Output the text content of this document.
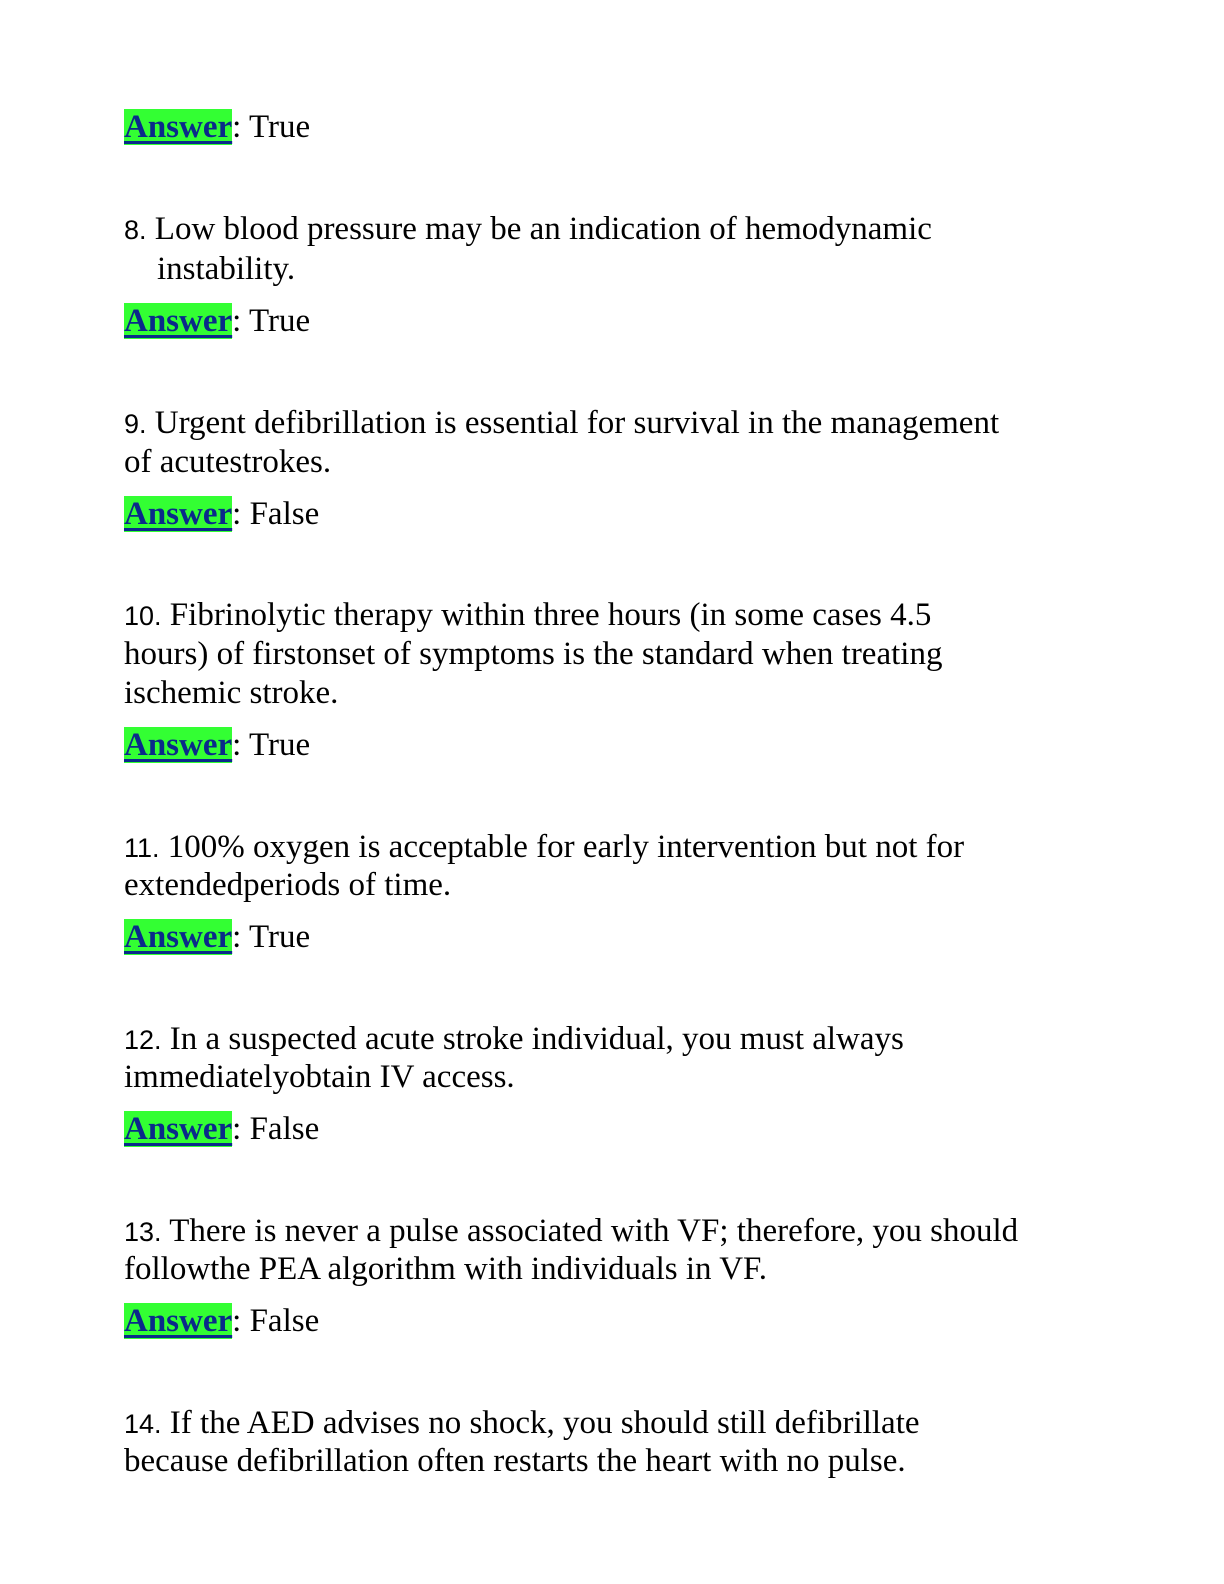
Answer: True
8. Low blood pressure may be an indication of hemodynamic
instability.
Answer: True
9. Urgent defibrillation is essential for survival in the management
of acutestrokes.
Answer: False
10. Fibrinolytic therapy within three hours (in some cases 4.5
hours) of firstonset of symptoms is the standard when treating
ischemic stroke.
Answer: True
11. 100% oxygen is acceptable for early intervention but not for
extendedperiods of time.
Answer: True
12. In a suspected acute stroke individual, you must always
immediatelyobtain IV access.
Answer: False
13. There is never a pulse associated with VF; therefore, you should
followthe PEA algorithm with individuals in VF.
Answer: False
14. If the AED advises no shock, you should still defibrillate
because defibrillation often restarts the heart with no pulse.
